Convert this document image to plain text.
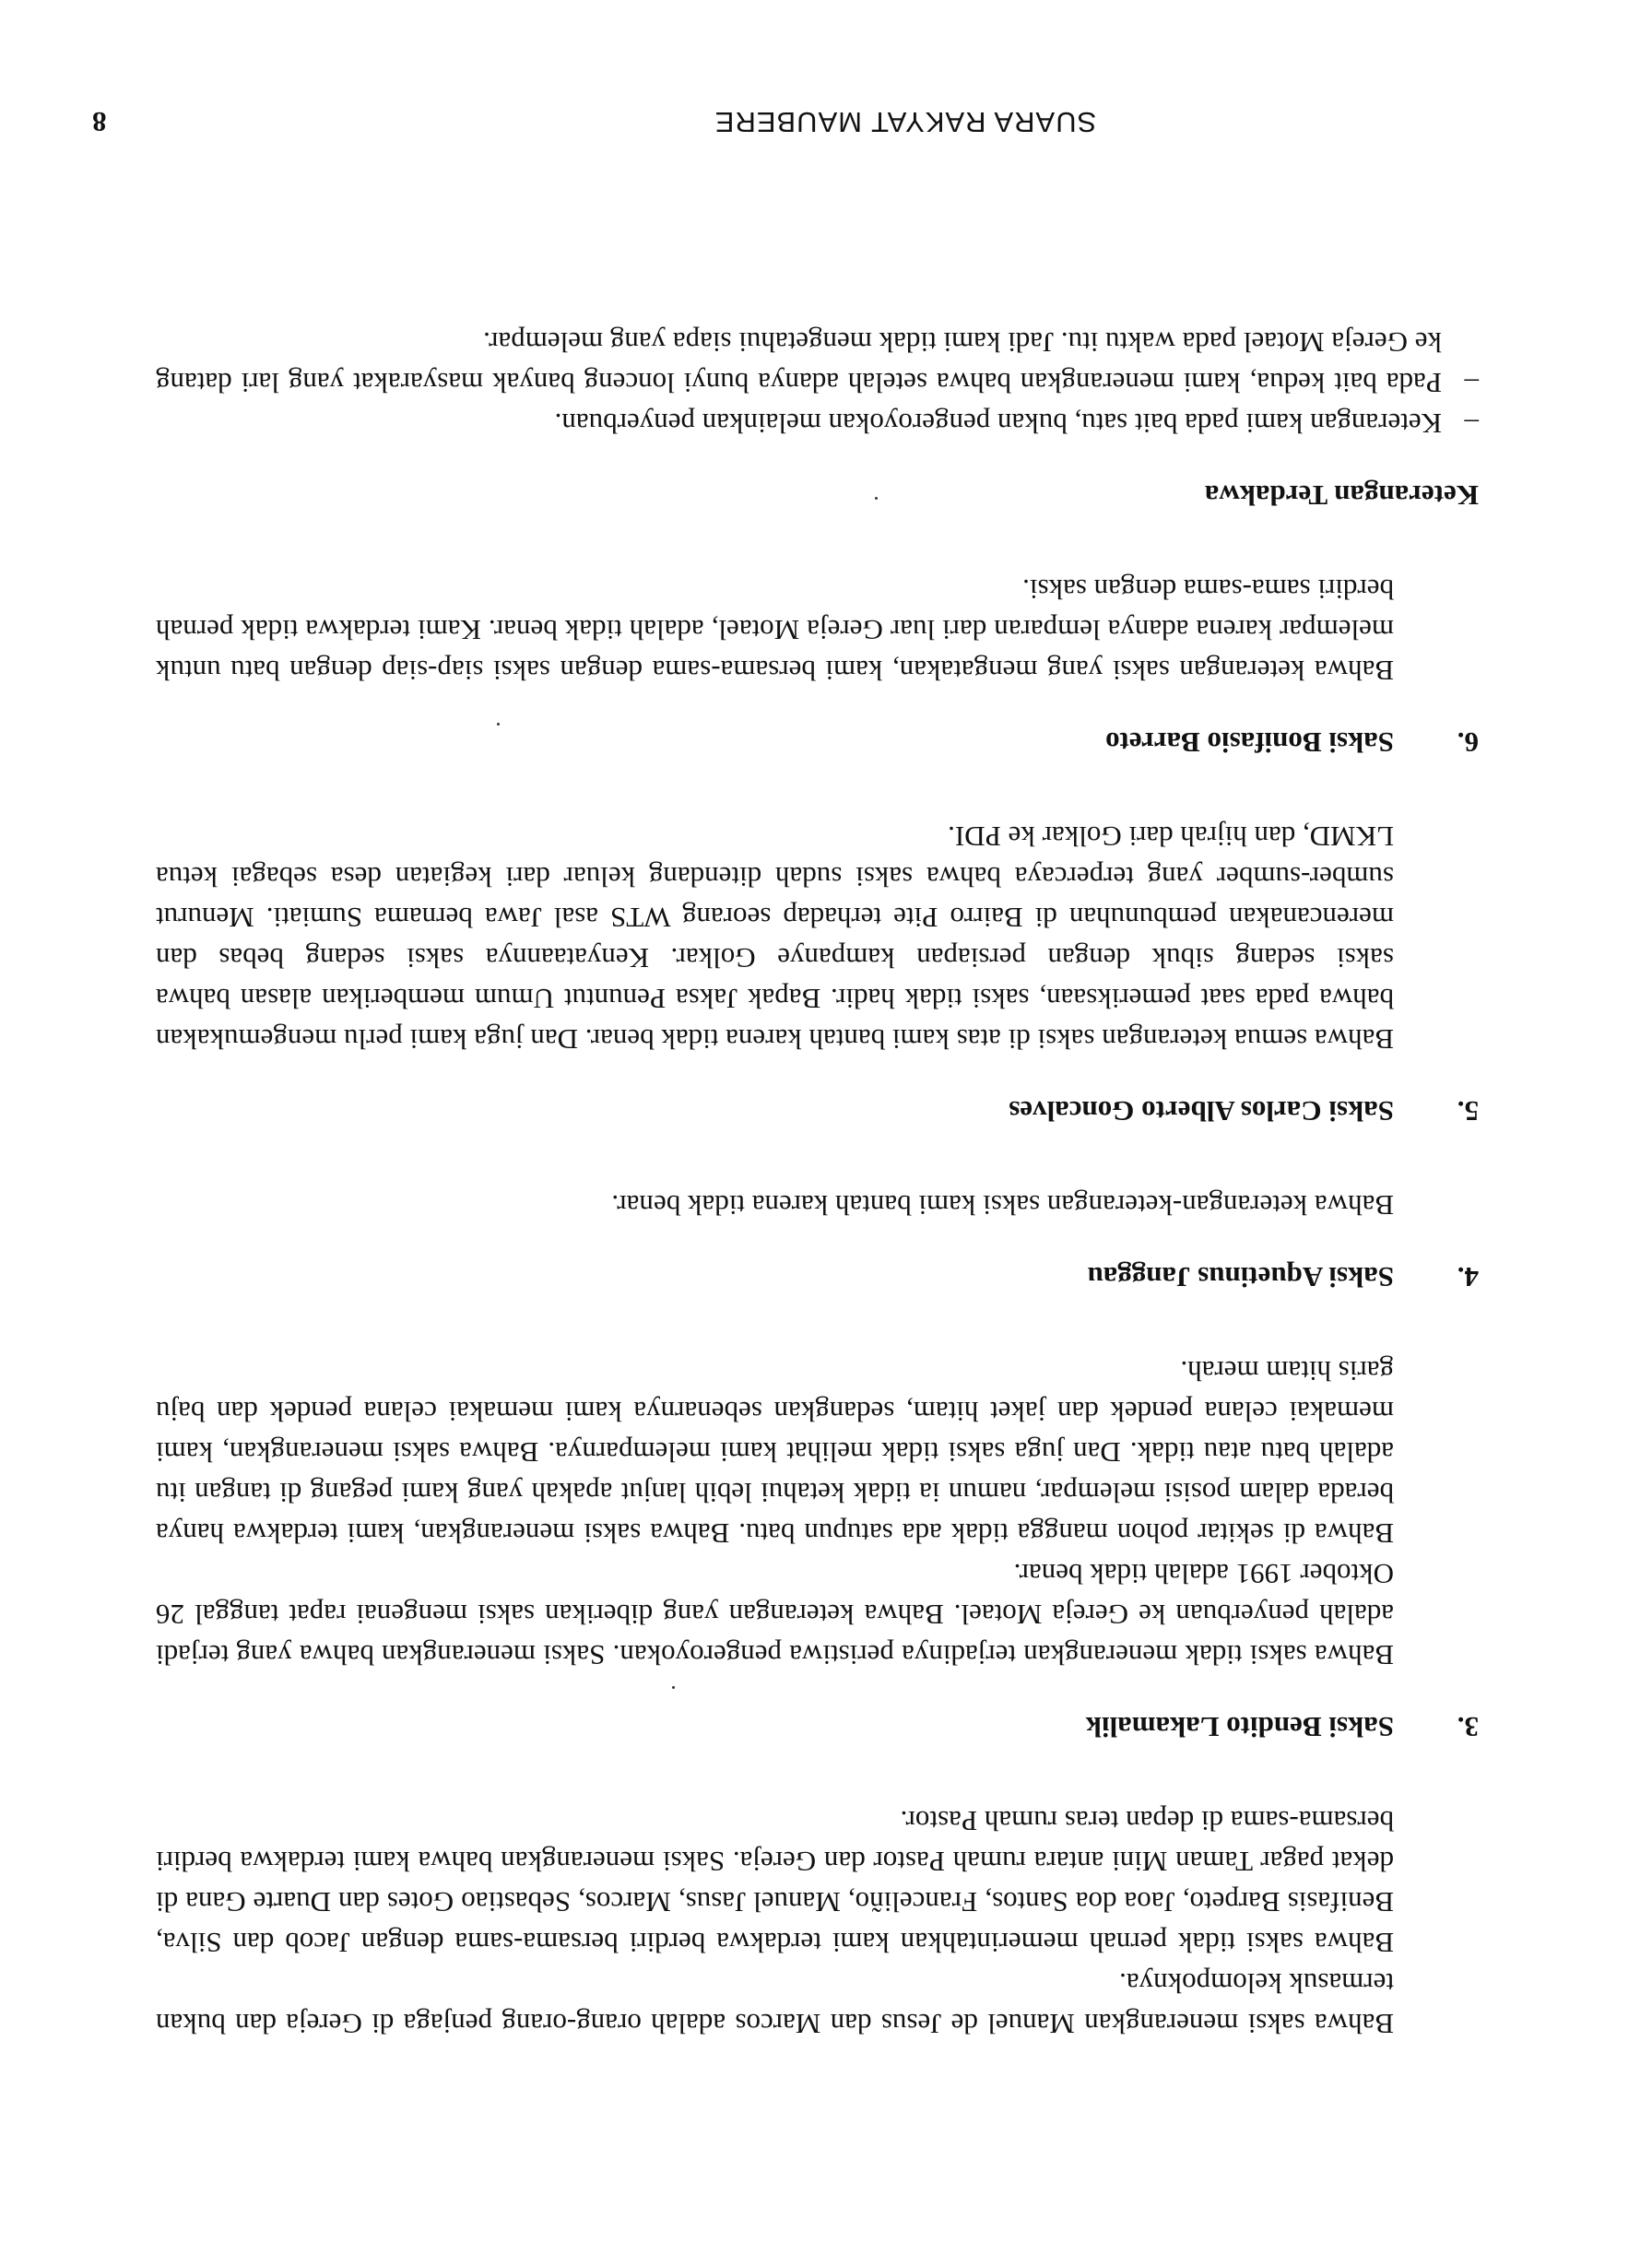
Bahwa saksi menerangkan Manuel de Jesus dan Marcos adalah orang-orang penjaga di Gereja dan bukan termasuk kelompoknya.

Bahwa saksi tidak pernah memerintahkan kami terdakwa berdiri bersama-sama dengan Jacob dan Silva, Benifasis Barpeto, Jaoa doa Santos, Franceliño, Manuel Jasus, Marcos, Sebastiao Gotes dan Duarte Gana di dekat pagar Taman Mini antara rumah Pastor dan Gereja. Saksi menerangkan bahwa kami terdakwa berdiri bersama-sama di depan teras rumah Pastor.

3.
Saksi Bendito Lakamalik

Bahwa saksi tidak menerangkan terjadinya peristiwa pengeroyokan. Saksi menerangkan bahwa yang terjadi adalah penyerbuan ke Gereja Motael. Bahwa keterangan yang diberikan saksi mengenai rapat tanggal 26 Oktober 1991 adalah tidak benar.

Bahwa di sekitar pohon mangga tidak ada satupun batu. Bahwa saksi menerangkan, kami terdakwa hanya berada dalam posisi melempar, namun ia tidak ketahui lebih lanjut apakah yang kami pegang di tangan itu adalah batu atau tidak. Dan juga saksi tidak melihat kami melemparnya. Bahwa saksi menerangkan, kami memakai celana pendek dan jaket hitam, sedangkan sebenarnya kami memakai celana pendek dan baju garis hitam merah.

4.
Saksi Aquetinus Janggau

Bahwa keterangan-keterangan saksi kami bantah karena tidak benar.

5.
Saksi Carlos Alberto Goncalves

Bahwa semua keterangan saksi di atas kami bantah karena tidak benar. Dan juga kami perlu mengemukakan bahwa pada saat pemeriksaan, saksi tidak hadir. Bapak Jaksa Penuntut Umum memberikan alasan bahwa saksi sedang sibuk dengan persiapan kampanye Golkar. Kenyataannya saksi sedang bebas dan merencanakan pembunuhan di Bairro Pite terhadap seorang WTS asal Jawa bernama Sumiati. Menurut sumber-sumber yang terpercaya bahwa saksi sudah ditendang keluar dari kegiatan desa sebagai ketua LKMD, dan hijrah dari Golkar ke PDI.

6.
Saksi Bonifasio Barreto

Bahwa keterangan saksi yang mengatakan, kami bersama-sama dengan saksi siap-siap dengan batu untuk melempar karena adanya lemparan dari luar Gereja Motael, adalah tidak benar. Kami terdakwa tidak pernah berdiri sama-sama dengan saksi.

Keterangan Terdakwa
–
Keterangan kami pada bait satu, bukan pengeroyokan melainkan penyerbuan.
–
Pada bait kedua, kami menerangkan bahwa setelah adanya bunyi lonceng banyak masyarakat yang lari datang ke Gereja Motael pada waktu itu. Jadi kami tidak mengetahui siapa yang melempar.
SUARA RAKYAT MAUBERE
8
